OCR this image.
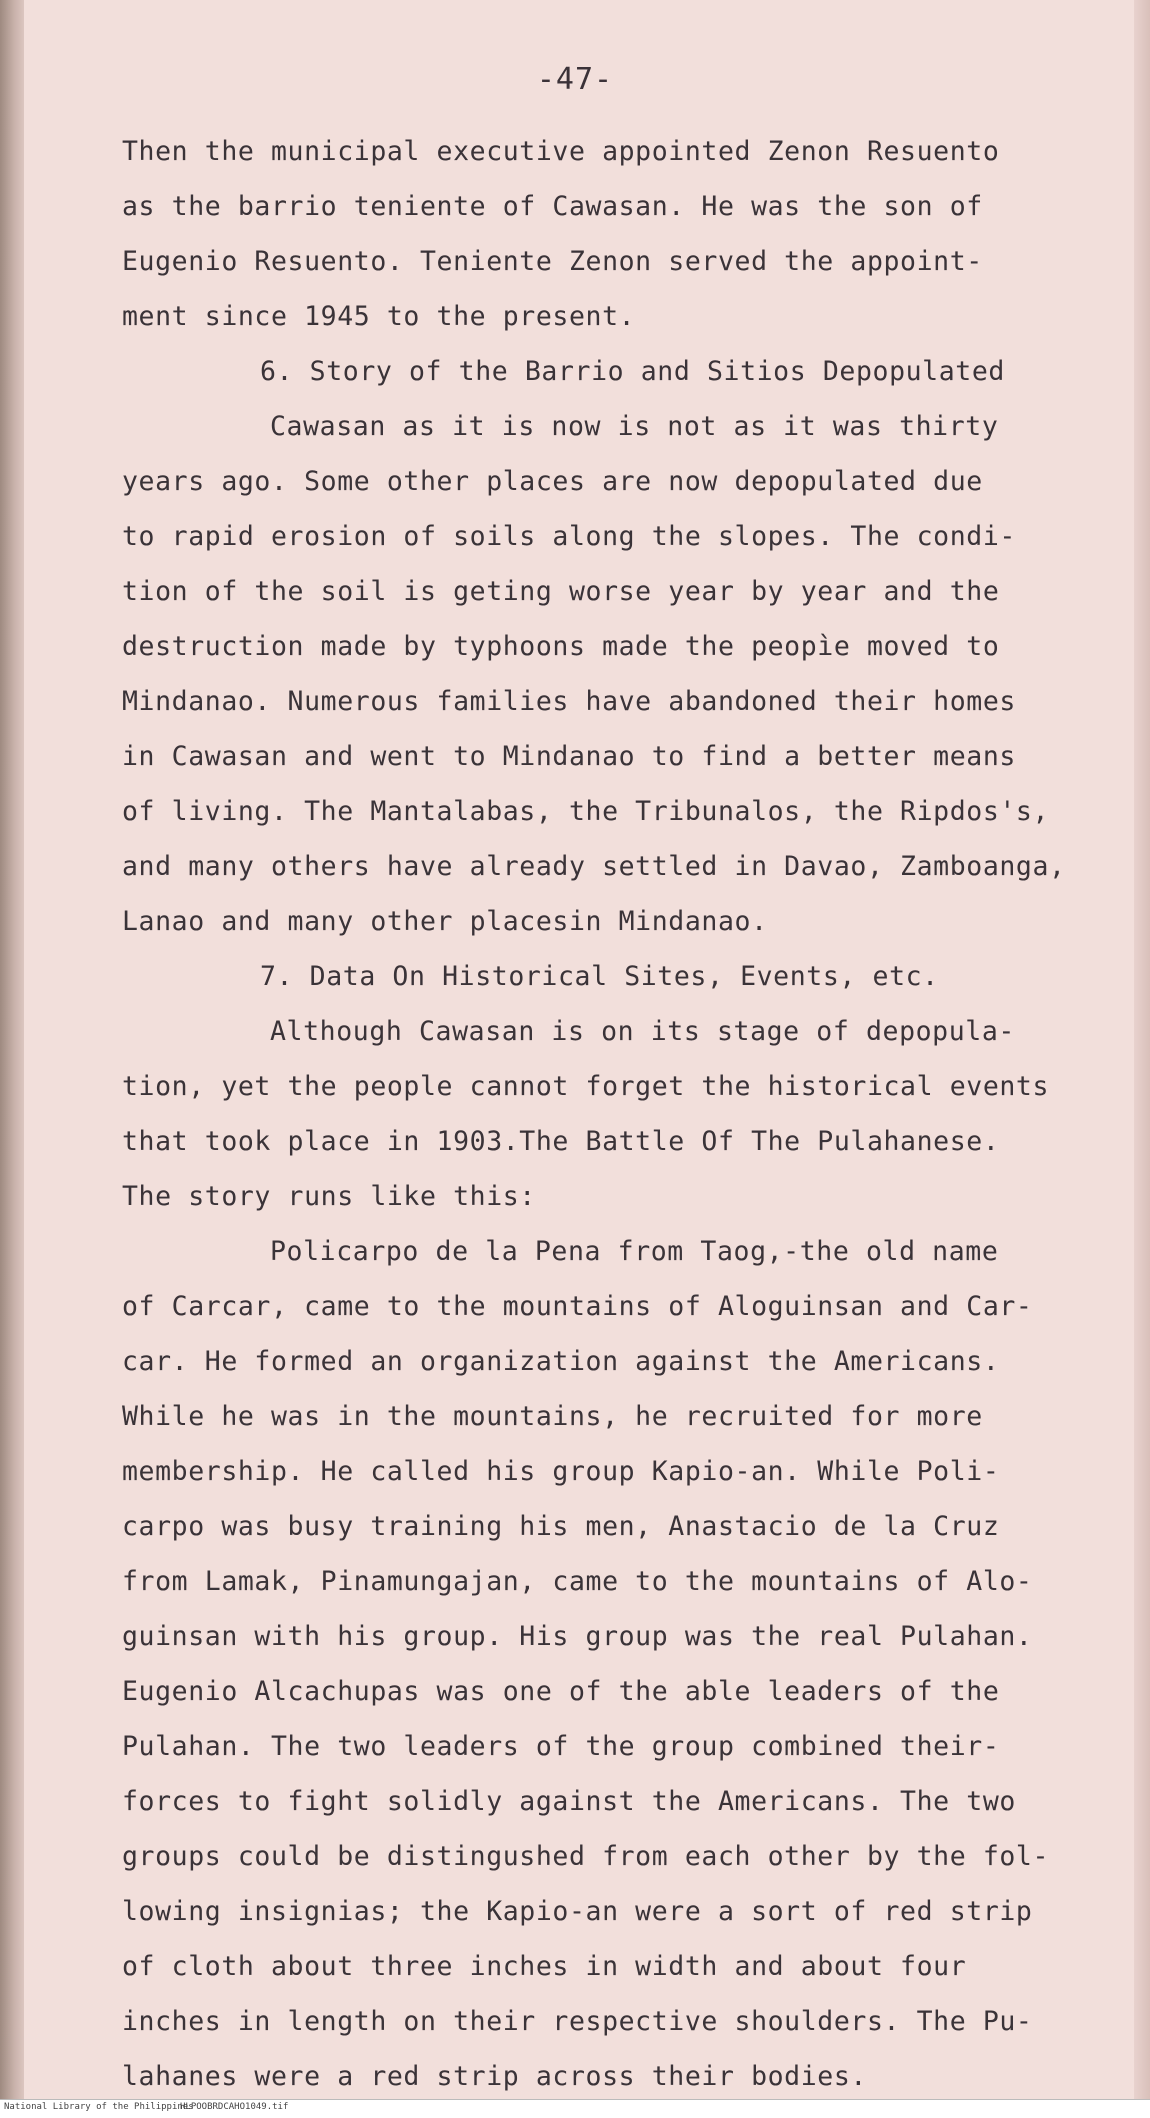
-47-
Then the municipal executive appointed Zenon Resuento
as the barrio teniente of Cawasan. He was the son of
Eugenio Resuento. Teniente Zenon served the appoint-
ment since 1945 to the present.
6. Story of the Barrio and Sitios Depopulated
Cawasan as it is now is not as it was thirty
years ago. Some other places are now depopulated due
to rapid erosion of soils along the slopes. The condi-
tion of the soil is geting worse year by year and the
destruction made by typhoons made the peopìe moved to
Mindanao. Numerous families have abandoned their homes
in Cawasan and went to Mindanao to find a better means
of living. The Mantalabas, the Tribunalos, the Ripdos's,
and many others have already settled in Davao, Zamboanga,
Lanao and many other placesin Mindanao.
7. Data On Historical Sites, Events, etc.
Although Cawasan is on its stage of depopula-
tion, yet the people cannot forget the historical events
that took place in 1903.The Battle Of The Pulahanese.
The story runs like this:
Policarpo de la Pena from Taog,-the old name
of Carcar, came to the mountains of Aloguinsan and Car-
car. He formed an organization against the Americans.
While he was in the mountains, he recruited for more
membership. He called his group Kapio-an. While Poli-
carpo was busy training his men, Anastacio de la Cruz
from Lamak, Pinamungajan, came to the mountains of Alo-
guinsan with his group. His group was the real Pulahan.
Eugenio Alcachupas was one of the able leaders of the
Pulahan. The two leaders of the group combined their-
forces to fight solidly against the Americans. The two
groups could be distingushed from each other by the fol-
lowing insignias; the Kapio-an were a sort of red strip
of cloth about three inches in width and about four
inches in length on their respective shoulders. The Pu-
lahanes were a red strip across their bodies.
National Library of the Philippines
HLPOOBRDCAHO1049.tif
